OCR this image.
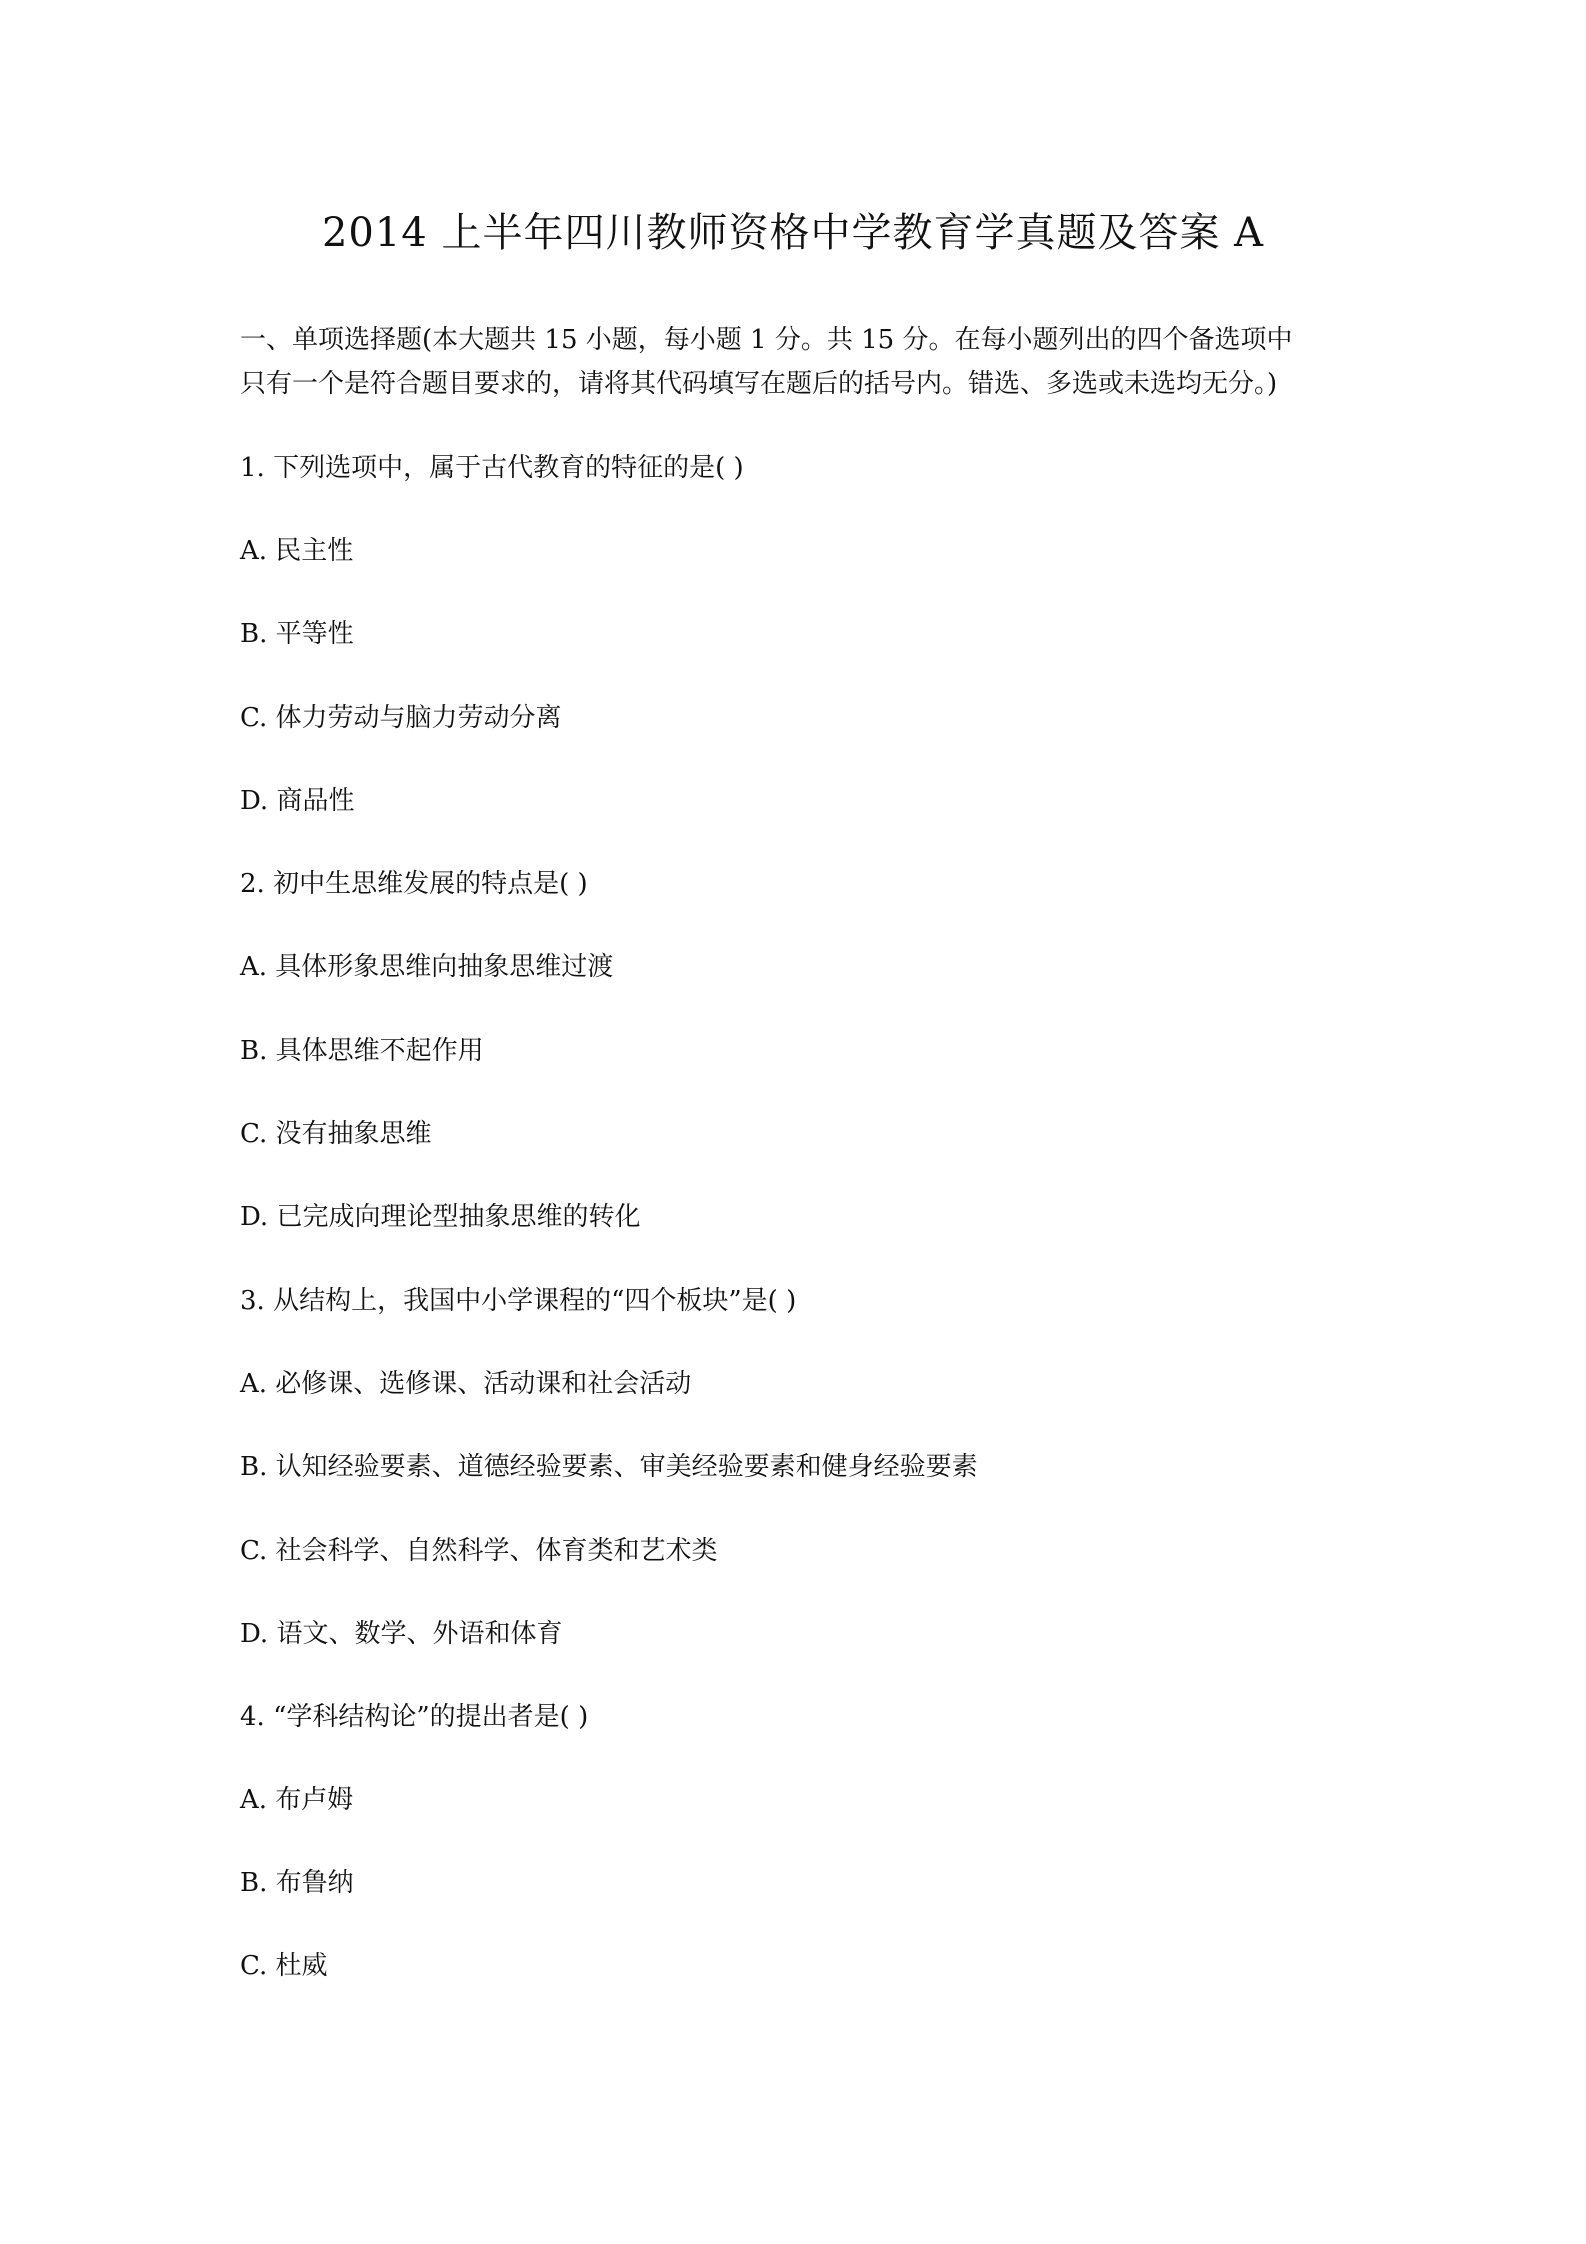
2014 上半年四川教师资格中学教育学真题及答案 A

一、单项选择题(本大题共 15 小题，每小题 1 分。共 15 分。在每小题列出的四个备选项中

只有一个是符合题目要求的，请将其代码填写在题后的括号内。错选、多选或未选均无分。)

1. 下列选项中，属于古代教育的特征的是( )

A. 民主性

B. 平等性

C. 体力劳动与脑力劳动分离

D. 商品性

2. 初中生思维发展的特点是( )

A. 具体形象思维向抽象思维过渡

B. 具体思维不起作用

C. 没有抽象思维

D. 已完成向理论型抽象思维的转化

3. 从结构上，我国中小学课程的“四个板块”是( )

A. 必修课、选修课、活动课和社会活动

B. 认知经验要素、道德经验要素、审美经验要素和健身经验要素

C. 社会科学、自然科学、体育类和艺术类

D. 语文、数学、外语和体育

4. “学科结构论”的提出者是( )

A. 布卢姆

B. 布鲁纳

C. 杜威
